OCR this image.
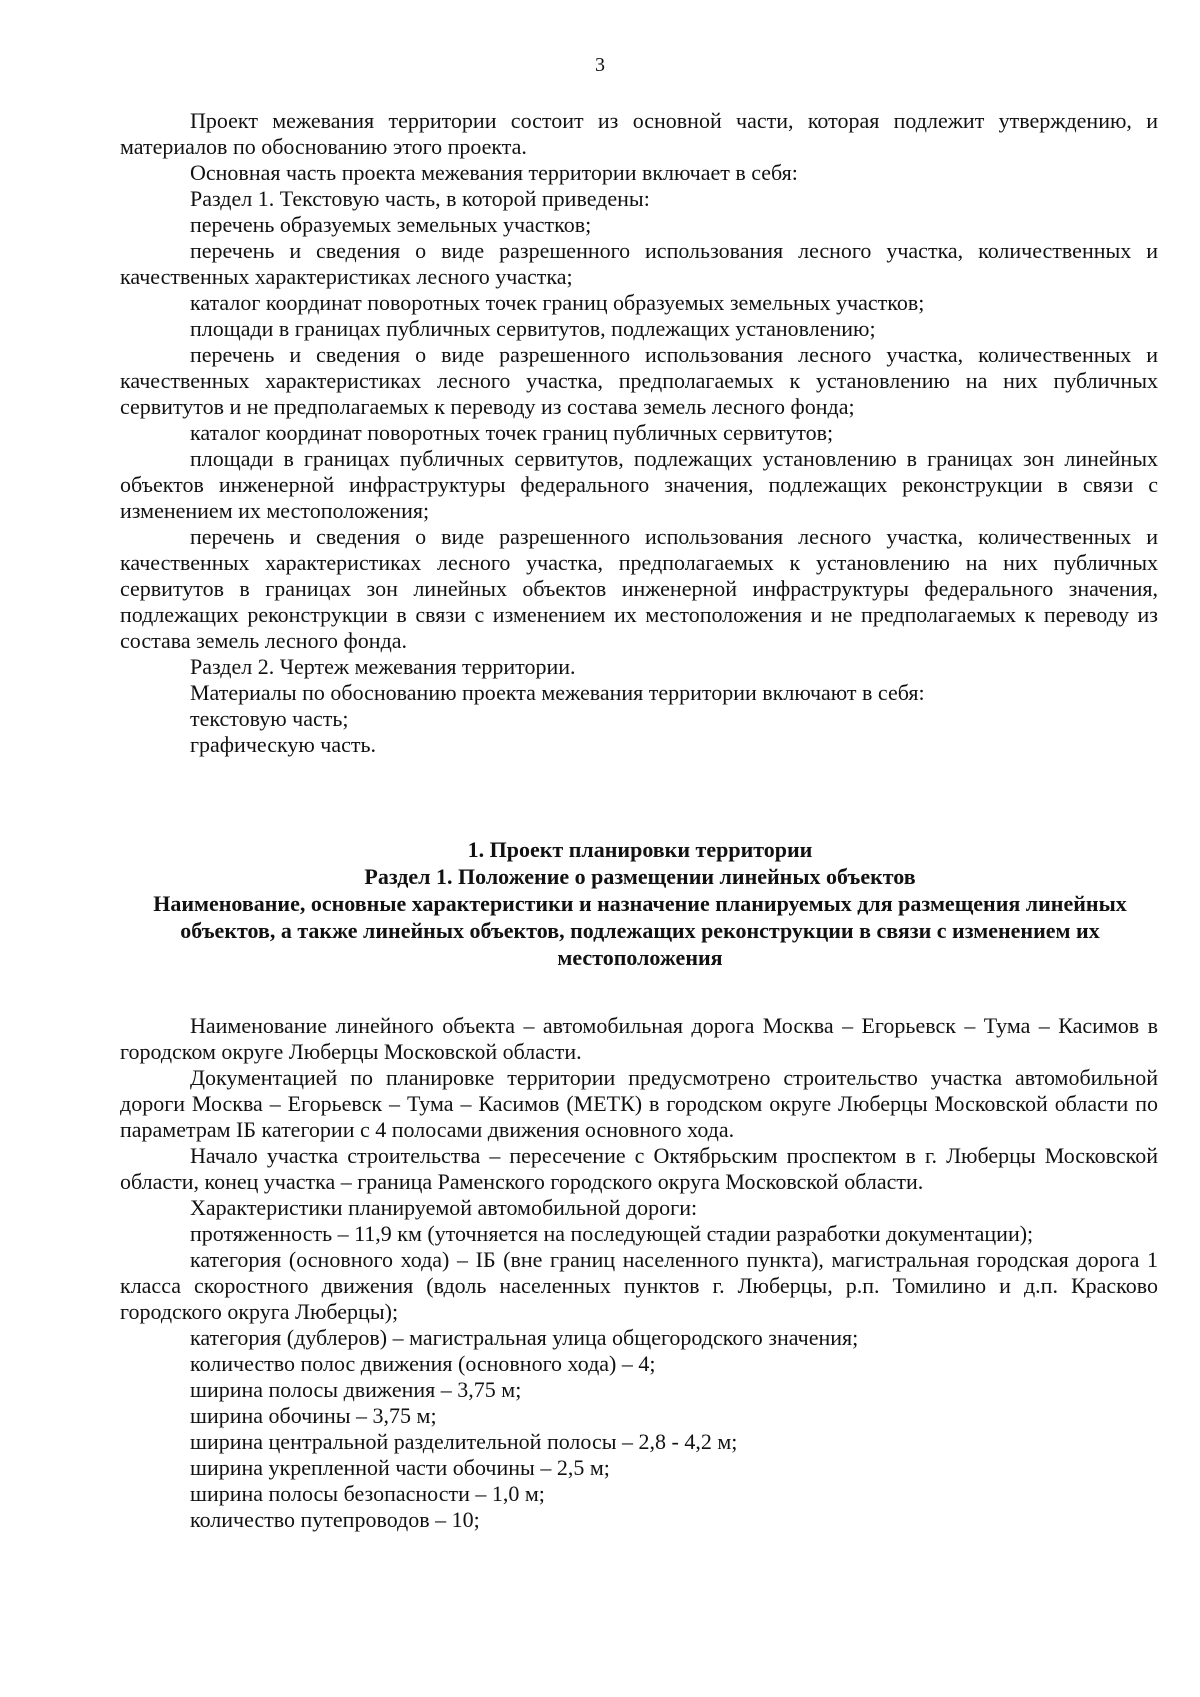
3

Проект межевания территории состоит из основной части, которая подлежит утверждению, и материалов по обоснованию этого проекта.

Основная часть проекта межевания территории включает в себя:

Раздел 1. Текстовую часть, в которой приведены:

перечень образуемых земельных участков;

перечень и сведения о виде разрешенного использования лесного участка, количественных и качественных характеристиках лесного участка;

каталог координат поворотных точек границ образуемых земельных участков;

площади в границах публичных сервитутов, подлежащих установлению;

перечень и сведения о виде разрешенного использования лесного участка, количественных и качественных характеристиках лесного участка, предполагаемых к установлению на них публичных сервитутов и не предполагаемых к переводу из состава земель лесного фонда;

каталог координат поворотных точек границ публичных сервитутов;

площади в границах публичных сервитутов, подлежащих установлению в границах зон линейных объектов инженерной инфраструктуры федерального значения, подлежащих реконструкции в связи с изменением их местоположения;

перечень и сведения о виде разрешенного использования лесного участка, количественных и качественных характеристиках лесного участка, предполагаемых к установлению на них публичных сервитутов в границах зон линейных объектов инженерной инфраструктуры федерального значения, подлежащих реконструкции в связи с изменением их местоположения и не предполагаемых к переводу из состава земель лесного фонда.

Раздел 2. Чертеж межевания территории.

Материалы по обоснованию проекта межевания территории включают в себя:

текстовую часть;

графическую часть.

1. Проект планировки территории

Раздел 1. Положение о размещении линейных объектов

Наименование, основные характеристики и назначение планируемых для размещения линейных объектов, а также линейных объектов, подлежащих реконструкции в связи с изменением их местоположения

Наименование линейного объекта – автомобильная дорога Москва – Егорьевск – Тума – Касимов в городском округе Люберцы Московской области.

Документацией по планировке территории предусмотрено строительство участка автомобильной дороги Москва – Егорьевск – Тума – Касимов (МЕТК) в городском округе Люберцы Московской области по параметрам IБ категории с 4 полосами движения основного хода.

Начало участка строительства – пересечение с Октябрьским проспектом в г. Люберцы Московской области, конец участка – граница Раменского городского округа Московской области.

Характеристики планируемой автомобильной дороги:

протяженность – 11,9 км (уточняется на последующей стадии разработки документации);

категория (основного хода) – IБ (вне границ населенного пункта), магистральная городская дорога 1 класса скоростного движения (вдоль населенных пунктов г. Люберцы, р.п. Томилино и д.п. Красково городского округа Люберцы);

категория (дублеров) – магистральная улица общегородского значения;

количество полос движения (основного хода) – 4;

ширина полосы движения – 3,75 м;

ширина обочины – 3,75 м;

ширина центральной разделительной полосы – 2,8 - 4,2 м;

ширина укрепленной части обочины – 2,5 м;

ширина полосы безопасности – 1,0 м;

количество путепроводов – 10;
